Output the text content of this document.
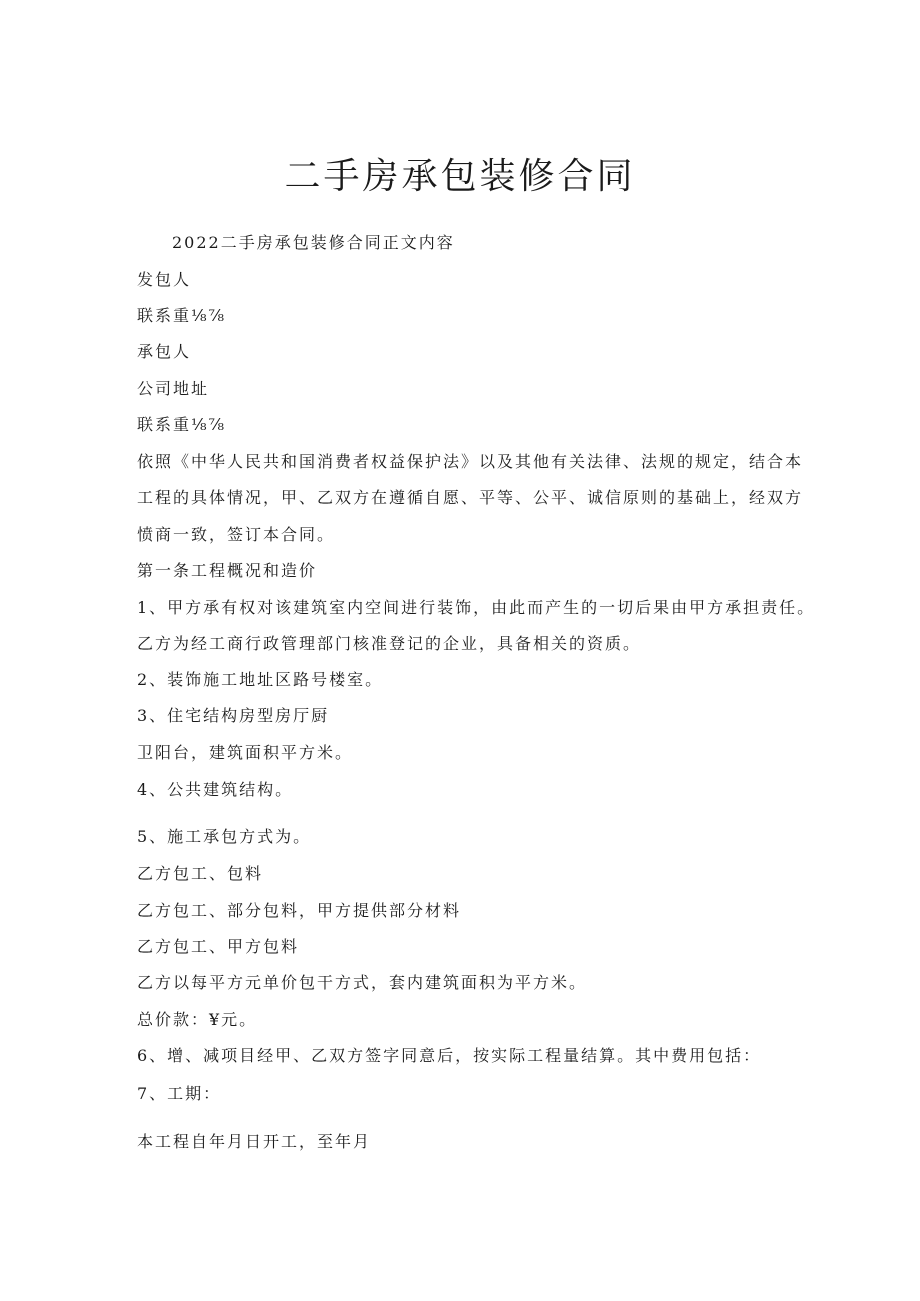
二手房承包装修合同

2022二手房承包装修合同正文内容

发包人

联系重⅛⅞

承包人

公司地址

联系重⅛⅞

依照《中华人民共和国消费者权益保护法》以及其他有关法律、法规的规定，结合本

工程的具体情况，甲、乙双方在遵循自愿、平等、公平、诚信原则的基础上，经双方

愤商一致，签订本合同。

第一条工程概况和造价

1、甲方承有权对该建筑室内空间进行装饰，由此而产生的一切后果由甲方承担责任。

乙方为经工商行政管理部门核准登记的企业，具备相关的资质。

2、装饰施工地址区路号楼室。

3、住宅结构房型房厅厨

卫阳台，建筑面积平方米。

4、公共建筑结构。

5、施工承包方式为。

乙方包工、包料

乙方包工、部分包料，甲方提供部分材料

乙方包工、甲方包料

乙方以每平方元单价包干方式，套内建筑面积为平方米。

总价款：¥元。

6、增、减项目经甲、乙双方签字同意后，按实际工程量结算。其中费用包括：

7、工期：

本工程自年月日开工，至年月
